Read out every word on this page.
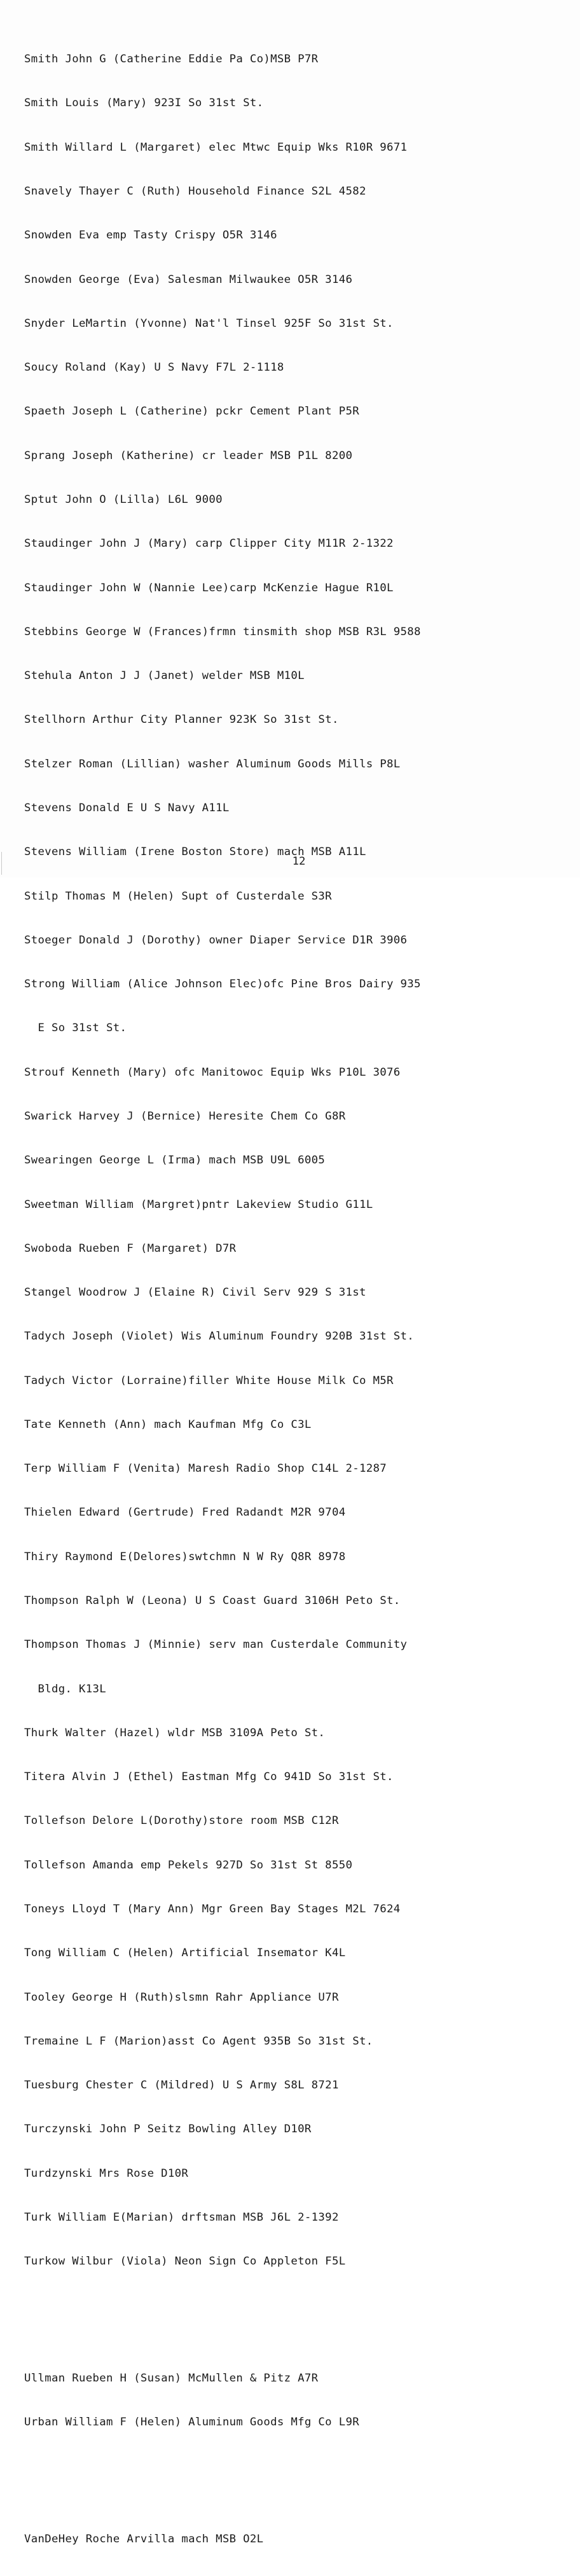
Smith John G (Catherine Eddie Pa Co)MSB P7R

Smith Louis (Mary) 923I So 31st St.

Smith Willard L (Margaret) elec Mtwc Equip Wks R10R 9671

Snavely Thayer C (Ruth) Household Finance S2L 4582

Snowden Eva emp Tasty Crispy O5R 3146

Snowden George (Eva) Salesman Milwaukee O5R 3146

Snyder LeMartin (Yvonne) Nat'l Tinsel 925F So 31st St.

Soucy Roland (Kay) U S Navy F7L 2-1118

Spaeth Joseph L (Catherine) pckr Cement Plant P5R

Sprang Joseph (Katherine) cr leader MSB P1L 8200

Sptut John O (Lilla) L6L 9000

Staudinger John J (Mary) carp Clipper City M11R 2-1322

Staudinger John W (Nannie Lee)carp McKenzie Hague R10L

Stebbins George W (Frances)frmn tinsmith shop MSB R3L 9588

Stehula Anton J J (Janet) welder MSB M10L

Stellhorn Arthur City Planner 923K So 31st St.

Stelzer Roman (Lillian) washer Aluminum Goods Mills P8L

Stevens Donald E U S Navy A11L

Stevens William (Irene Boston Store) mach MSB A11L

Stilp Thomas M (Helen) Supt of Custerdale S3R

Stoeger Donald J (Dorothy) owner Diaper Service D1R 3906

Strong William (Alice Johnson Elec)ofc Pine Bros Dairy 935

E So 31st St.

Strouf Kenneth (Mary) ofc Manitowoc Equip Wks P10L 3076

Swarick Harvey J (Bernice) Heresite Chem Co G8R

Swearingen George L (Irma) mach MSB U9L 6005

Sweetman William (Margret)pntr Lakeview Studio G11L

Swoboda Rueben F (Margaret) D7R

Stangel Woodrow J (Elaine R) Civil Serv 929 S 31st

Tadych Joseph (Violet) Wis Aluminum Foundry 920B 31st St.

Tadych Victor (Lorraine)filler White House Milk Co M5R

Tate Kenneth (Ann) mach Kaufman Mfg Co C3L

Terp William F (Venita) Maresh Radio Shop C14L 2-1287

Thielen Edward (Gertrude) Fred Radandt M2R 9704

Thiry Raymond E(Delores)swtchmn N W Ry Q8R 8978

Thompson Ralph W (Leona) U S Coast Guard 3106H Peto St.

Thompson Thomas J (Minnie) serv man Custerdale Community

Bldg. K13L

Thurk Walter (Hazel) wldr MSB 3109A Peto St.

Titera Alvin J (Ethel) Eastman Mfg Co 941D So 31st St.

Tollefson Delore L(Dorothy)store room MSB C12R

Tollefson Amanda emp Pekels 927D So 31st St 8550

Toneys Lloyd T (Mary Ann) Mgr Green Bay Stages M2L 7624

Tong William C (Helen) Artificial Insemator K4L

Tooley George H (Ruth)slsmn Rahr Appliance U7R

Tremaine L F (Marion)asst Co Agent 935B So 31st St.

Tuesburg Chester C (Mildred) U S Army S8L 8721

Turczynski John P Seitz Bowling Alley D10R

Turdzynski Mrs Rose D10R

Turk William E(Marian) drftsman MSB J6L 2-1392

Turkow Wilbur (Viola) Neon Sign Co Appleton F5L

Ullman Rueben H (Susan) McMullen & Pitz A7R

Urban William F (Helen) Aluminum Goods Mfg Co L9R

VanDeHey Roche Arvilla mach MSB O2L

12
